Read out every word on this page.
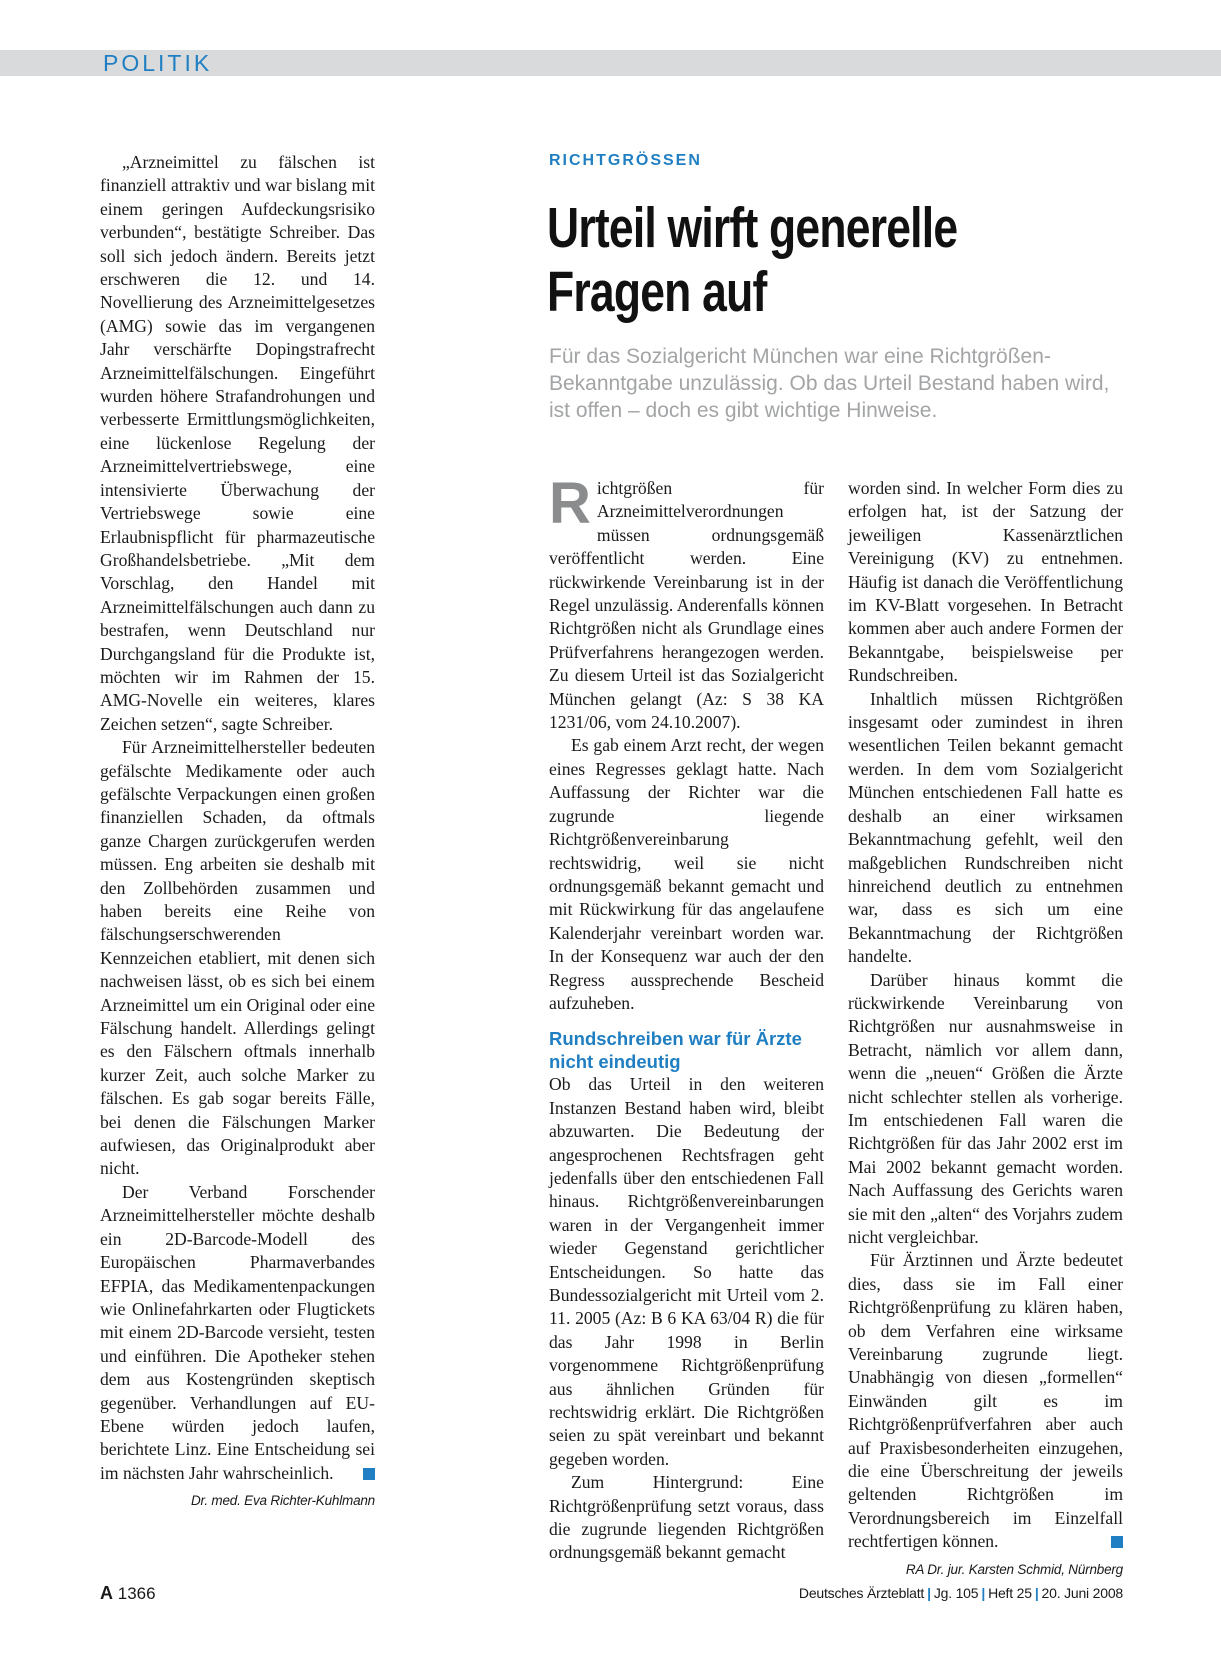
POLITIK

„Arzneimittel zu fälschen ist finanziell attraktiv und war bislang mit einem geringen Aufdeckungsrisiko verbunden“, bestätigte Schreiber. Das soll sich jedoch ändern. Bereits jetzt erschweren die 12. und 14. Novellierung des Arzneimittelgesetzes (AMG) sowie das im vergangenen Jahr verschärfte Dopingstrafrecht Arzneimittelfälschungen. Eingeführt wurden höhere Strafandrohungen und verbesserte Ermittlungsmöglichkeiten, eine lückenlose Regelung der Arzneimittelvertriebswege, eine intensivierte Überwachung der Vertriebswege sowie eine Erlaubnispflicht für pharmazeutische Großhandelsbetriebe. „Mit dem Vorschlag, den Handel mit Arzneimittelfälschungen auch dann zu bestrafen, wenn Deutschland nur Durchgangsland für die Produkte ist, möchten wir im Rahmen der 15. AMG-Novelle ein weiteres, klares Zeichen setzen“, sagte Schreiber.

Für Arzneimittelhersteller bedeuten gefälschte Medikamente oder auch gefälschte Verpackungen einen großen finanziellen Schaden, da oftmals ganze Chargen zurückgerufen werden müssen. Eng arbeiten sie deshalb mit den Zollbehörden zusammen und haben bereits eine Reihe von fälschungserschwerenden Kennzeichen etabliert, mit denen sich nachweisen lässt, ob es sich bei einem Arzneimittel um ein Original oder eine Fälschung handelt. Allerdings gelingt es den Fälschern oftmals innerhalb kurzer Zeit, auch solche Marker zu fälschen. Es gab sogar bereits Fälle, bei denen die Fälschungen Marker aufwiesen, das Originalprodukt aber nicht.

Der Verband Forschender Arzneimittelhersteller möchte deshalb ein 2D-Barcode-Modell des Europäischen Pharmaverbandes EFPIA, das Medikamentenpackungen wie Onlinefahrkarten oder Flugtickets mit einem 2D-Barcode versieht, testen und einführen. Die Apotheker stehen dem aus Kostengründen skeptisch gegenüber. Verhandlungen auf EU-Ebene würden jedoch laufen, berichtete Linz. Eine Entscheidung sei im nächsten Jahr wahrscheinlich.

Dr. med. Eva Richter-Kuhlmann
RICHTGRÖSSEN
Urteil wirft generelle
Fragen auf
Für das Sozialgericht München war eine Richtgrößen-Bekanntgabe unzulässig. Ob das Urteil Bestand haben wird, ist offen – doch es gibt wichtige Hinweise.

Richtgrößen für Arzneimittelverordnungen müssen ordnungsgemäß veröffentlicht werden. Eine rückwirkende Vereinbarung ist in der Regel unzulässig. Anderenfalls können Richtgrößen nicht als Grundlage eines Prüfverfahrens herangezogen werden. Zu diesem Urteil ist das Sozialgericht München gelangt (Az: S 38 KA 1231/06, vom 24.10.2007).

Es gab einem Arzt recht, der wegen eines Regresses geklagt hatte. Nach Auffassung der Richter war die zugrunde liegende Richtgrößenvereinbarung rechtswidrig, weil sie nicht ordnungsgemäß bekannt gemacht und mit Rückwirkung für das angelaufene Kalenderjahr vereinbart worden war. In der Konsequenz war auch der den Regress aussprechende Bescheid aufzuheben.

Rundschreiben war für Ärzte nicht eindeutig

Ob das Urteil in den weiteren Instanzen Bestand haben wird, bleibt abzuwarten. Die Bedeutung der angesprochenen Rechtsfragen geht jedenfalls über den entschiedenen Fall hinaus. Richtgrößenvereinbarungen waren in der Vergangenheit immer wieder Gegenstand gerichtlicher Entscheidungen. So hatte das Bundessozialgericht mit Urteil vom 2. 11. 2005 (Az: B 6 KA 63/04 R) die für das Jahr 1998 in Berlin vorgenommene Richtgrößenprüfung aus ähnlichen Gründen für rechtswidrig erklärt. Die Richtgrößen seien zu spät vereinbart und bekannt gegeben worden.

Zum Hintergrund: Eine Richtgrößenprüfung setzt voraus, dass die zugrunde liegenden Richtgrößen ordnungsgemäß bekannt gemacht

worden sind. In welcher Form dies zu erfolgen hat, ist der Satzung der jeweiligen Kassenärztlichen Vereinigung (KV) zu entnehmen. Häufig ist danach die Veröffentlichung im KV-Blatt vorgesehen. In Betracht kommen aber auch andere Formen der Bekanntgabe, beispielsweise per Rundschreiben.

Inhaltlich müssen Richtgrößen insgesamt oder zumindest in ihren wesentlichen Teilen bekannt gemacht werden. In dem vom Sozialgericht München entschiedenen Fall hatte es deshalb an einer wirksamen Bekanntmachung gefehlt, weil den maßgeblichen Rundschreiben nicht hinreichend deutlich zu entnehmen war, dass es sich um eine Bekanntmachung der Richtgrößen handelte.

Darüber hinaus kommt die rückwirkende Vereinbarung von Richtgrößen nur ausnahmsweise in Betracht, nämlich vor allem dann, wenn die „neuen“ Größen die Ärzte nicht schlechter stellen als vorherige. Im entschiedenen Fall waren die Richtgrößen für das Jahr 2002 erst im Mai 2002 bekannt gemacht worden. Nach Auffassung des Gerichts waren sie mit den „alten“ des Vorjahrs zudem nicht vergleichbar.

Für Ärztinnen und Ärzte bedeutet dies, dass sie im Fall einer Richtgrößenprüfung zu klären haben, ob dem Verfahren eine wirksame Vereinbarung zugrunde liegt. Unabhängig von diesen „formellen“ Einwänden gilt es im Richtgrößenprüfverfahren aber auch auf Praxisbesonderheiten einzugehen, die eine Überschreitung der jeweils geltenden Richtgrößen im Verordnungsbereich im Einzelfall rechtfertigen können.

RA Dr. jur. Karsten Schmid, Nürnberg
A 1366	Deutsches Ärzteblatt | Jg. 105 | Heft 25 | 20. Juni 2008
